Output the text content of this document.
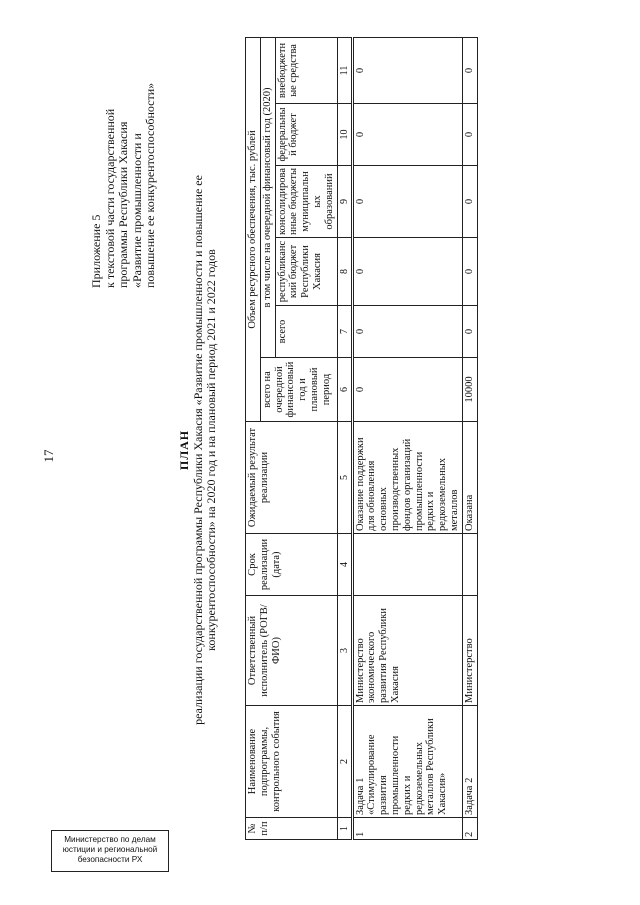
17
Министерство по делам
юстиции и региональной
безопасности РХ
Приложение 5 к текстовой части государственной программы Республики Хакасия «Развитие промышленности и повышение ее конкурентоспособности»
ПЛАН реализации государственной программы Республики Хакасия «Развитие промышленности и повышение ее конкурентоспособности» на 2020 год и на плановый период 2021 и 2022 годов
№ п/п	Наименование подпрограммы, контрольного события	Ответственный исполнитель (РОГВ/ФИО)	Срок реализации (дата)	Ожидаемый результат реализации	Объем ресурсного обеспечения, тыс. рублей					
					всего на очередной финансовый год и плановый период	в том числе на очередной финансовый год (2020)				
						всего	республиканский бюджет Республики Хакасия	консолидированные бюджеты муниципальных образований	федеральный бюджет	внебюджетные средства
1	2	3	4	5	6	7	8	9	10	11
1	Задача 1 «Стимулирование развития промышленности редких и редкоземельных металлов Республики Хакасия»	Министерство экономического развития Республики Хакасия		Оказание поддержки для обновления основных производственных фондов организаций промышленности редких и редкоземельных металлов	0	0	0	0	0	0
2	Задача 2	Министерство		Оказана	10000	0	0	0	0	0
